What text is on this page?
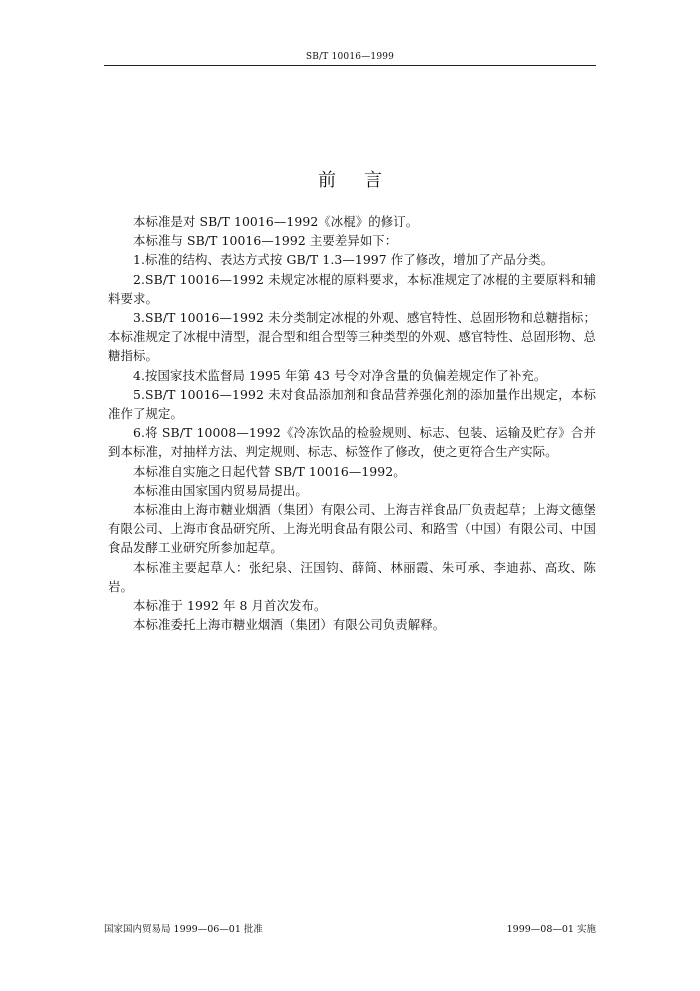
SB/T 10016—1999
前言

本标准是对 SB/T 10016—1992《冰棍》的修订。

本标准与 SB/T 10016—1992 主要差异如下：

1.标准的结构、表达方式按 GB/T 1.3—1997 作了修改，增加了产品分类。

2.SB/T 10016—1992 未规定冰棍的原料要求，本标准规定了冰棍的主要原料和辅料要求。

3.SB/T 10016—1992 未分类制定冰棍的外观、感官特性、总固形物和总糖指标；本标准规定了冰棍中清型，混合型和组合型等三种类型的外观、感官特性、总固形物、总糖指标。

4.按国家技术监督局 1995 年第 43 号令对净含量的负偏差规定作了补充。

5.SB/T 10016—1992 未对食品添加剂和食品营养强化剂的添加量作出规定，本标准作了规定。

6.将 SB/T 10008—1992《冷冻饮品的检验规则、标志、包装、运输及贮存》合并到本标准，对抽样方法、判定规则、标志、标签作了修改，使之更符合生产实际。

本标准自实施之日起代替 SB/T 10016—1992。

本标准由国家国内贸易局提出。

本标准由上海市糖业烟酒（集团）有限公司、上海吉祥食品厂负责起草；上海文德堡有限公司、上海市食品研究所、上海光明食品有限公司、和路雪（中国）有限公司、中国食品发酵工业研究所参加起草。

本标准主要起草人：张纪泉、汪国钧、薛简、林丽霞、朱可承、李迪荪、高玫、陈岩。

本标准于 1992 年 8 月首次发布。

本标准委托上海市糖业烟酒（集团）有限公司负责解释。

国家国内贸易局 1999—06—01 批准	1999—08—01 实施
